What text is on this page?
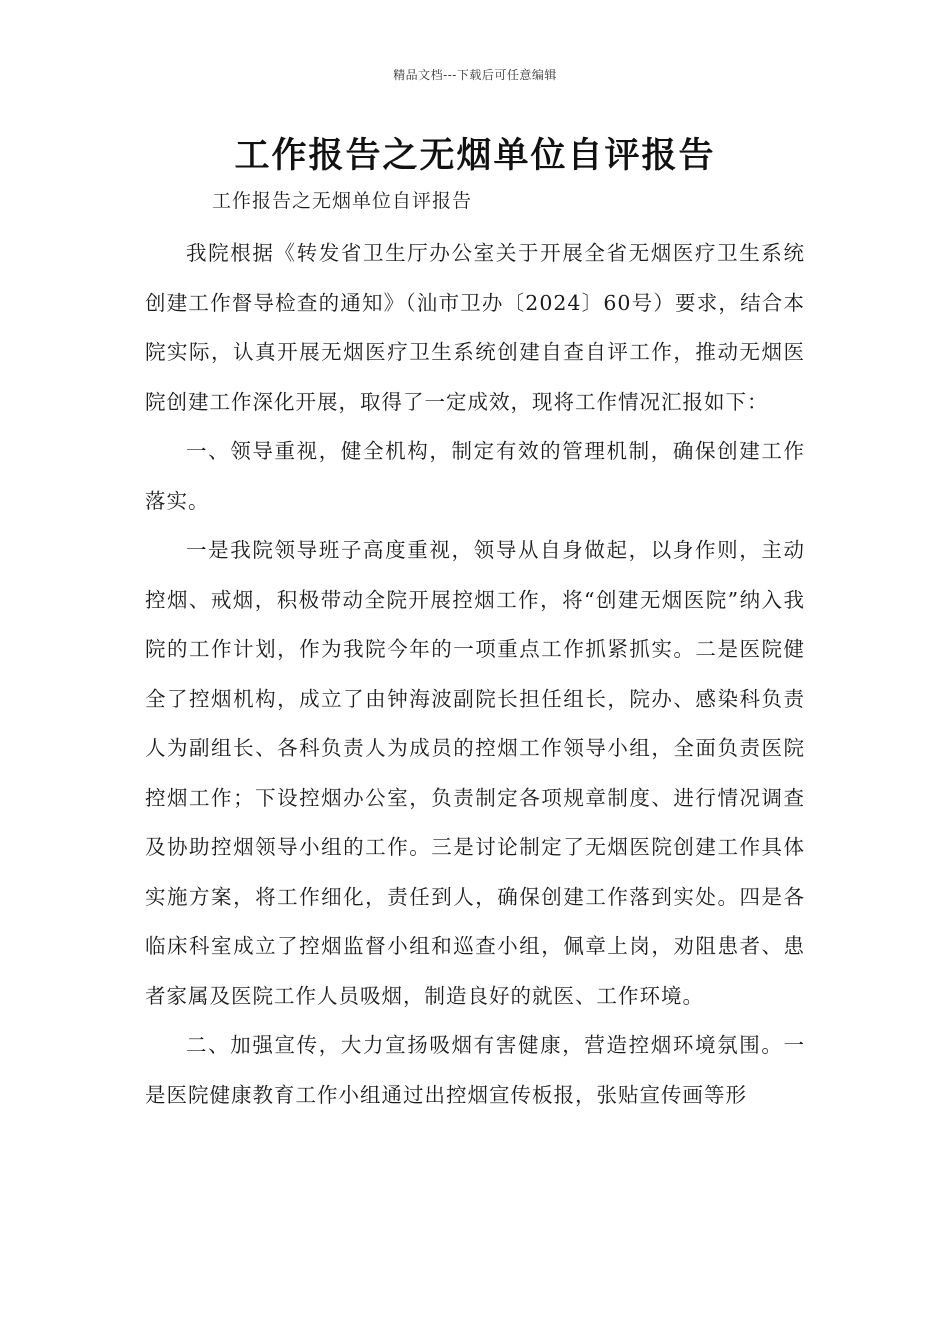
精品文档---下载后可任意编辑
工作报告之无烟单位自评报告
工作报告之无烟单位自评报告

我院根据《转发省卫生厅办公室关于开展全省无烟医疗卫生系统创建工作督导检查的通知》（汕市卫办〔2024〕60号）要求，结合本院实际，认真开展无烟医疗卫生系统创建自查自评工作，推动无烟医院创建工作深化开展，取得了一定成效，现将工作情况汇报如下：

一、领导重视，健全机构，制定有效的管理机制，确保创建工作落实。

一是我院领导班子高度重视，领导从自身做起，以身作则，主动控烟、戒烟，积极带动全院开展控烟工作，将“创建无烟医院”纳入我院的工作计划，作为我院今年的一项重点工作抓紧抓实。二是医院健全了控烟机构，成立了由钟海波副院长担任组长，院办、感染科负责人为副组长、各科负责人为成员的控烟工作领导小组，全面负责医院控烟工作；下设控烟办公室，负责制定各项规章制度、进行情况调查及协助控烟领导小组的工作。三是讨论制定了无烟医院创建工作具体实施方案，将工作细化，责任到人，确保创建工作落到实处。四是各临床科室成立了控烟监督小组和巡查小组，佩章上岗，劝阻患者、患者家属及医院工作人员吸烟，制造良好的就医、工作环境。

二、加强宣传，大力宣扬吸烟有害健康，营造控烟环境氛围。一是医院健康教育工作小组通过出控烟宣传板报，张贴宣传画等形
